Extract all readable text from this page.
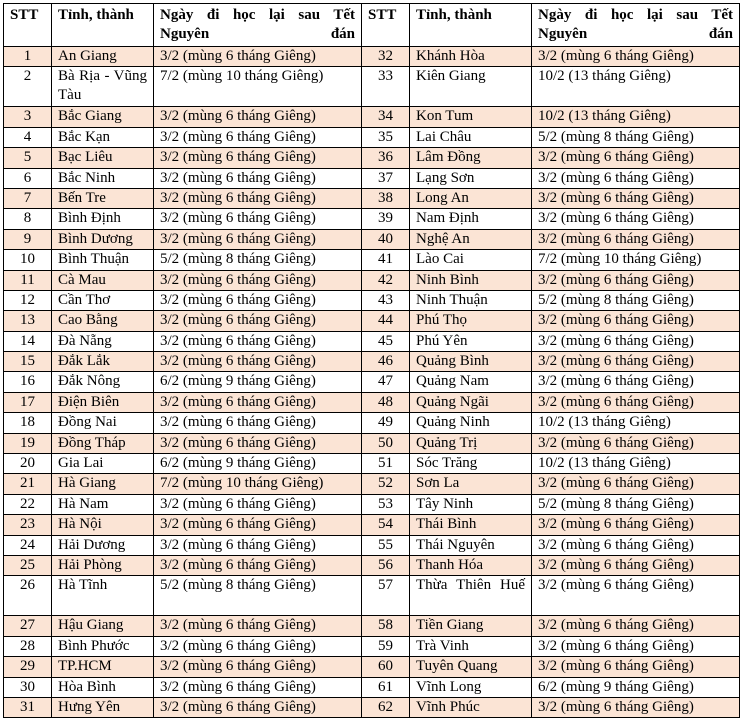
STT	Tỉnh, thành	Ngày đi học lại sau Tết Nguyên đán	STT	Tỉnh, thành	Ngày đi học lại sau Tết Nguyên đán

1	An Giang	3/2 (mùng 6 tháng Giêng)	32	Khánh Hòa	3/2 (mùng 6 tháng Giêng)
2	Bà Rịa - Vũng Tàu	7/2 (mùng 10 tháng Giêng)	33	Kiên Giang	10/2 (13 tháng Giêng)
3	Bắc Giang	3/2 (mùng 6 tháng Giêng)	34	Kon Tum	10/2 (13 tháng Giêng)
4	Bắc Kạn	3/2 (mùng 6 tháng Giêng)	35	Lai Châu	5/2 (mùng 8 tháng Giêng)
5	Bạc Liêu	3/2 (mùng 6 tháng Giêng)	36	Lâm Đồng	3/2 (mùng 6 tháng Giêng)
6	Bắc Ninh	3/2 (mùng 6 tháng Giêng)	37	Lạng Sơn	3/2 (mùng 6 tháng Giêng)
7	Bến Tre	3/2 (mùng 6 tháng Giêng)	38	Long An	3/2 (mùng 6 tháng Giêng)
8	Bình Định	3/2 (mùng 6 tháng Giêng)	39	Nam Định	3/2 (mùng 6 tháng Giêng)
9	Bình Dương	3/2 (mùng 6 tháng Giêng)	40	Nghệ An	3/2 (mùng 6 tháng Giêng)
10	Bình Thuận	5/2 (mùng 8 tháng Giêng)	41	Lào Cai	7/2 (mùng 10 tháng Giêng)
11	Cà Mau	3/2 (mùng 6 tháng Giêng)	42	Ninh Bình	3/2 (mùng 6 tháng Giêng)
12	Cần Thơ	3/2 (mùng 6 tháng Giêng)	43	Ninh Thuận	5/2 (mùng 8 tháng Giêng)
13	Cao Bằng	3/2 (mùng 6 tháng Giêng)	44	Phú Thọ	3/2 (mùng 6 tháng Giêng)
14	Đà Nẵng	3/2 (mùng 6 tháng Giêng)	45	Phú Yên	3/2 (mùng 6 tháng Giêng)
15	Đắk Lắk	3/2 (mùng 6 tháng Giêng)	46	Quảng Bình	3/2 (mùng 6 tháng Giêng)
16	Đắk Nông	6/2 (mùng 9 tháng Giêng)	47	Quảng Nam	3/2 (mùng 6 tháng Giêng)
17	Điện Biên	3/2 (mùng 6 tháng Giêng)	48	Quảng Ngãi	3/2 (mùng 6 tháng Giêng)
18	Đồng Nai	3/2 (mùng 6 tháng Giêng)	49	Quảng Ninh	10/2 (13 tháng Giêng)
19	Đồng Tháp	3/2 (mùng 6 tháng Giêng)	50	Quảng Trị	3/2 (mùng 6 tháng Giêng)
20	Gia Lai	6/2 (mùng 9 tháng Giêng)	51	Sóc Trăng	10/2 (13 tháng Giêng)
21	Hà Giang	7/2 (mùng 10 tháng Giêng)	52	Sơn La	3/2 (mùng 6 tháng Giêng)
22	Hà Nam	3/2 (mùng 6 tháng Giêng)	53	Tây Ninh	5/2 (mùng 8 tháng Giêng)
23	Hà Nội	3/2 (mùng 6 tháng Giêng)	54	Thái Bình	3/2 (mùng 6 tháng Giêng)
24	Hải Dương	3/2 (mùng 6 tháng Giêng)	55	Thái Nguyên	3/2 (mùng 6 tháng Giêng)
25	Hải Phòng	3/2 (mùng 6 tháng Giêng)	56	Thanh Hóa	3/2 (mùng 6 tháng Giêng)
26	Hà Tĩnh	5/2 (mùng 8 tháng Giêng)	57	Thừa Thiên Huế	3/2 (mùng 6 tháng Giêng)
27	Hậu Giang	3/2 (mùng 6 tháng Giêng)	58	Tiền Giang	3/2 (mùng 6 tháng Giêng)
28	Bình Phước	3/2 (mùng 6 tháng Giêng)	59	Trà Vinh	3/2 (mùng 6 tháng Giêng)
29	TP.HCM	3/2 (mùng 6 tháng Giêng)	60	Tuyên Quang	3/2 (mùng 6 tháng Giêng)
30	Hòa Bình	3/2 (mùng 6 tháng Giêng)	61	Vĩnh Long	6/2 (mùng 9 tháng Giêng)
31	Hưng Yên	3/2 (mùng 6 tháng Giêng)	62	Vĩnh Phúc	3/2 (mùng 6 tháng Giêng)
